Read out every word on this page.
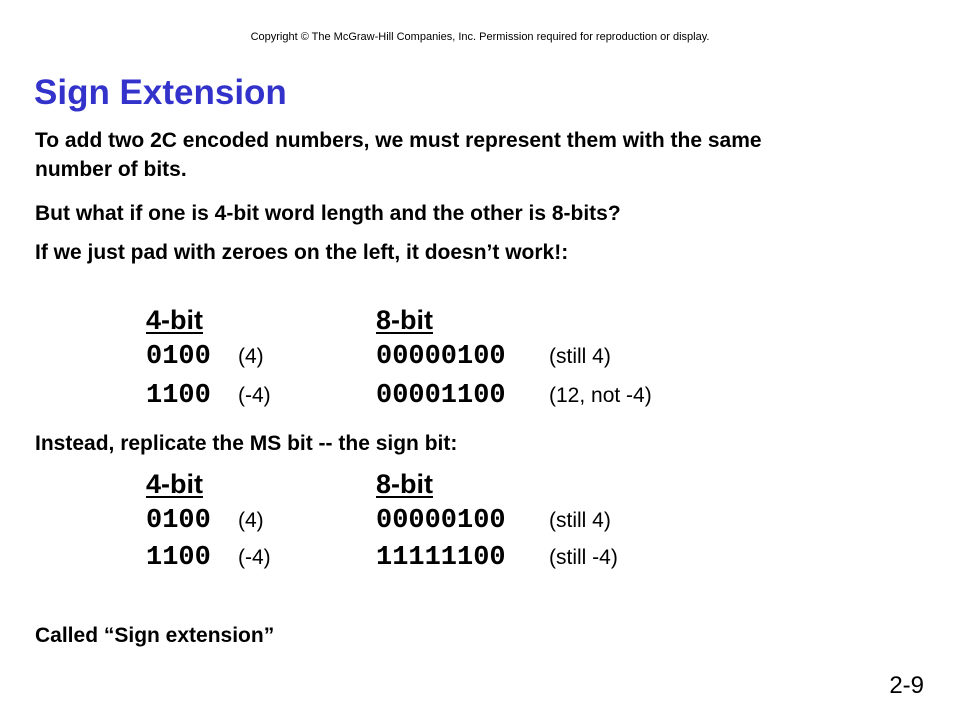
Copyright © The McGraw-Hill Companies, Inc. Permission required for reproduction or display.
Sign Extension
To add two 2C encoded numbers, we must represent them with the same number of bits.
But what if one is 4-bit word length and the other is 8-bits?
If we just pad with zeroes on the left, it doesn’t work!:
4-bit	8-bit
0100 (4)	00000100 (still 4)
1100 (-4)	00001100 (12, not -4)
Instead, replicate the MS bit -- the sign bit:
4-bit	8-bit
0100 (4)	00000100 (still 4)
1100 (-4)	11111100 (still -4)
Called “Sign extension”
2-9
